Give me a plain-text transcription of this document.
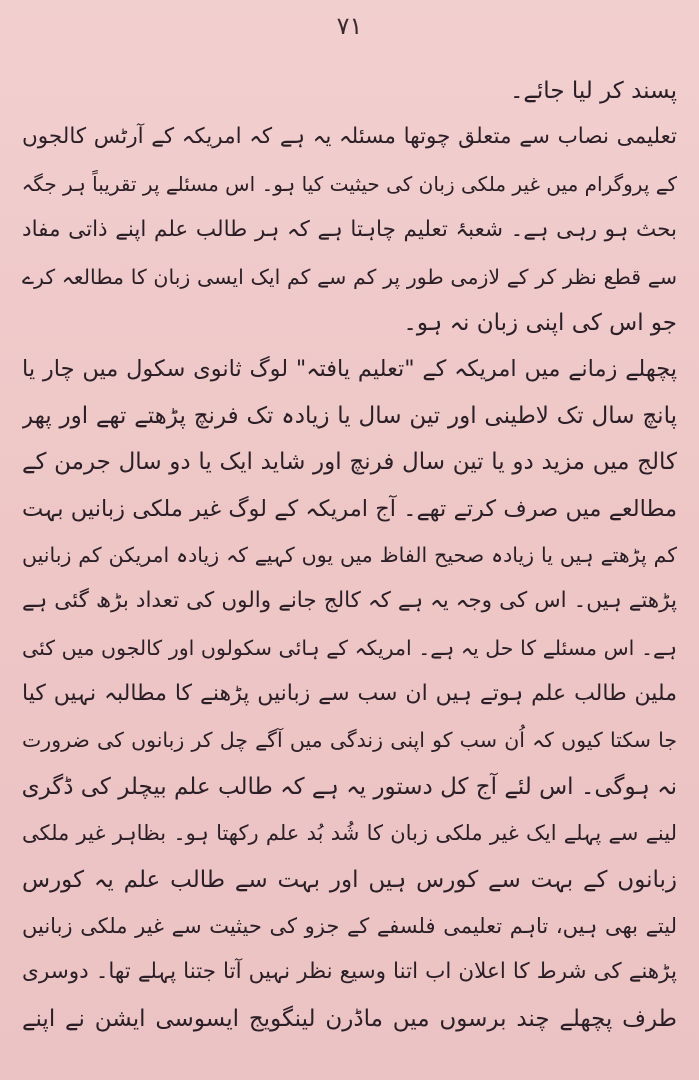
۷۱
پسند کر لیا جائے۔
تعلیمی نصاب سے متعلق چوتھا مسئلہ یہ ہے کہ امریکہ کے آرٹس کالجوں
کے پروگرام میں غیر ملکی زبان کی حیثیت کیا ہو۔ اس مسئلے پر تقریباً ہر جگہ
بحث ہو رہی ہے۔ شعبۂ تعلیم چاہتا ہے کہ ہر طالب علم اپنے ذاتی مفاد
سے قطع نظر کر کے لازمی طور پر کم سے کم ایک ایسی زبان کا مطالعہ کرے
جو اس کی اپنی زبان نہ ہو۔
پچھلے زمانے میں امریکہ کے "تعلیم یافتہ" لوگ ثانوی سکول میں چار یا
پانچ سال تک لاطینی اور تین سال یا زیادہ تک فرنچ پڑھتے تھے اور پھر
کالج میں مزید دو یا تین سال فرنچ اور شاید ایک یا دو سال جرمن کے
مطالعے میں صرف کرتے تھے۔ آج امریکہ کے لوگ غیر ملکی زبانیں بہت
کم پڑھتے ہیں یا زیادہ صحیح الفاظ میں یوں کہیے کہ زیادہ امریکن کم زبانیں
پڑھتے ہیں۔ اس کی وجہ یہ ہے کہ کالج جانے والوں کی تعداد بڑھ گئی ہے
ہے۔ اس مسئلے کا حل یہ ہے۔ امریکہ کے ہائی سکولوں اور کالجوں میں کئی
ملین طالب علم ہوتے ہیں ان سب سے زبانیں پڑھنے کا مطالبہ نہیں کیا
جا سکتا کیوں کہ اُن سب کو اپنی زندگی میں آگے چل کر زبانوں کی ضرورت
نہ ہوگی۔ اس لئے آج کل دستور یہ ہے کہ طالب علم بیچلر کی ڈگری
لینے سے پہلے ایک غیر ملکی زبان کا شُد بُد علم رکھتا ہو۔ بظاہر غیر ملکی
زبانوں کے بہت سے کورس ہیں اور بہت سے طالب علم یہ کورس
لیتے بھی ہیں، تاہم تعلیمی فلسفے کے جزو کی حیثیت سے غیر ملکی زبانیں
پڑھنے کی شرط کا اعلان اب اتنا وسیع نظر نہیں آتا جتنا پہلے تھا۔ دوسری
طرف پچھلے چند برسوں میں ماڈرن لینگویج ایسوسی ایشن نے اپنے
